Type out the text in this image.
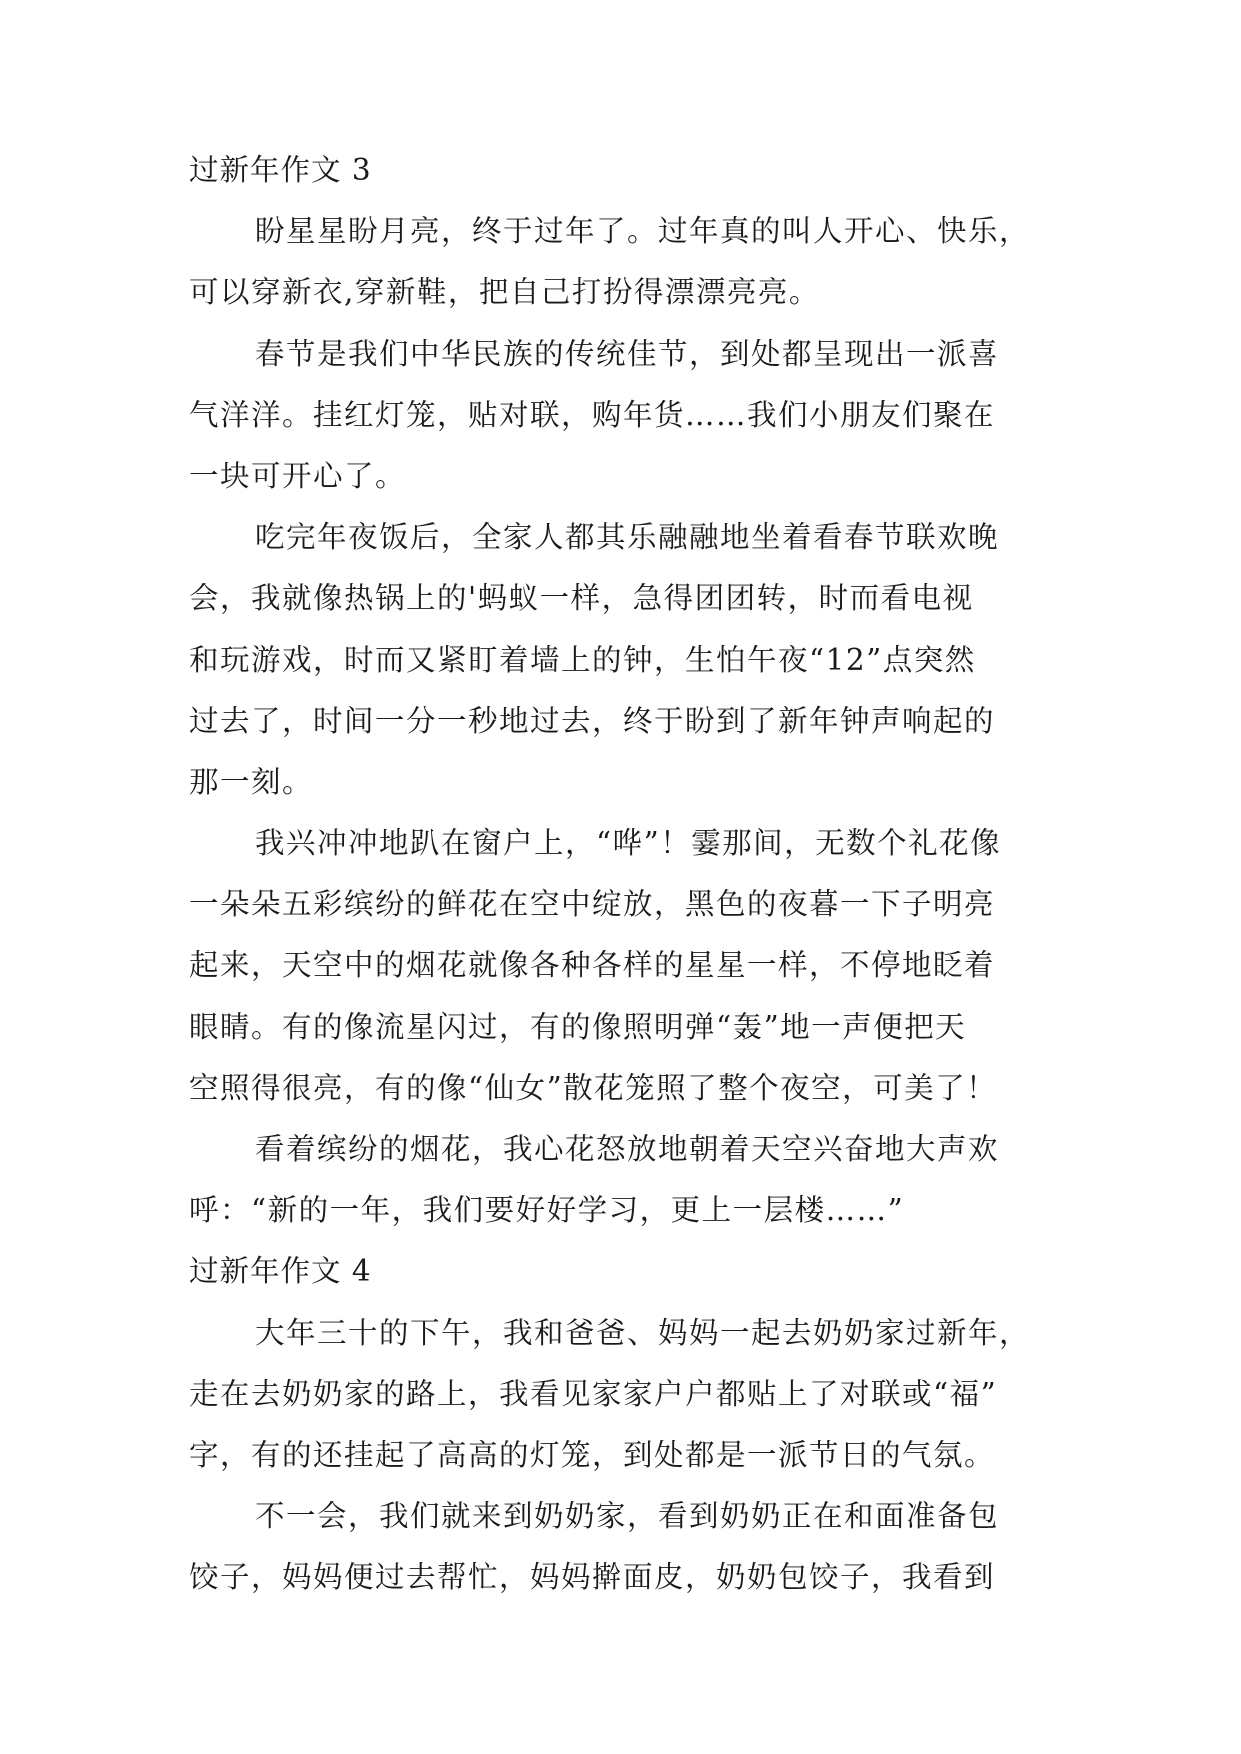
过新年作文 3
盼星星盼月亮，终于过年了。过年真的叫人开心、快乐，
可以穿新衣,穿新鞋，把自己打扮得漂漂亮亮。
春节是我们中华民族的传统佳节，到处都呈现出一派喜
气洋洋。挂红灯笼，贴对联，购年货……我们小朋友们聚在
一块可开心了。
吃完年夜饭后，全家人都其乐融融地坐着看春节联欢晚
会，我就像热锅上的'蚂蚁一样，急得团团转，时而看电视
和玩游戏，时而又紧盯着墙上的钟，生怕午夜“12”点突然
过去了，时间一分一秒地过去，终于盼到了新年钟声响起的
那一刻。
我兴冲冲地趴在窗户上，“哗”！霎那间，无数个礼花像
一朵朵五彩缤纷的鲜花在空中绽放，黑色的夜暮一下子明亮
起来，天空中的烟花就像各种各样的星星一样，不停地眨着
眼睛。有的像流星闪过，有的像照明弹“轰”地一声便把天
空照得很亮，有的像“仙女”散花笼照了整个夜空，可美了！
看着缤纷的烟花，我心花怒放地朝着天空兴奋地大声欢
呼：“新的一年，我们要好好学习，更上一层楼……”
过新年作文 4
大年三十的下午，我和爸爸、妈妈一起去奶奶家过新年，
走在去奶奶家的路上，我看见家家户户都贴上了对联或“福”
字，有的还挂起了高高的灯笼，到处都是一派节日的气氛。
不一会，我们就来到奶奶家，看到奶奶正在和面准备包
饺子，妈妈便过去帮忙，妈妈擀面皮，奶奶包饺子，我看到
